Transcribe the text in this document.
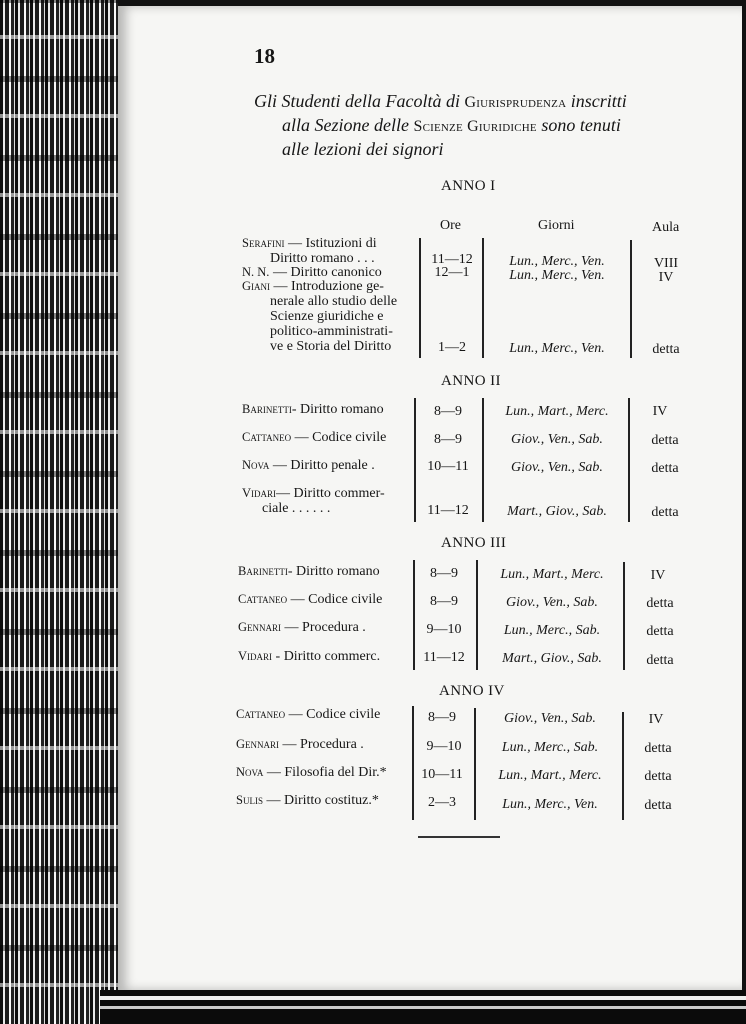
18
Gli Studenti della Facoltà di Giurisprudenza inscritti
alla Sezione delle Scienze Giuridiche sono tenuti
alle lezioni dei signori
ANNO I
Ore	Giorni	Aula
Serafini — Istituzioni di
Diritto romano . . .	11—12	Lun., Merc., Ven.	VIII
N. N. — Diritto canonico	12—1	Lun., Merc., Ven.	IV
Giani — Introduzione ge-
nerale allo studio delle
Scienze giuridiche e
politico-amministrati-
ve e Storia del Diritto	1—2	Lun., Merc., Ven.	detta
ANNO II
Barinetti- Diritto romano	8—9	Lun., Mart., Merc.	IV
Cattaneo — Codice civile	8—9	Giov., Ven., Sab.	detta
Nova — Diritto penale .	10—11	Giov., Ven., Sab.	detta
Vidari— Diritto commer-
ciale . . . . . .	11—12	Mart., Giov., Sab.	detta
ANNO III
Barinetti- Diritto romano	8—9	Lun., Mart., Merc.	IV
Cattaneo — Codice civile	8—9	Giov., Ven., Sab.	detta
Gennari — Procedura .	9—10	Lun., Merc., Sab.	detta
Vidari - Diritto commerc.	11—12	Mart., Giov., Sab.	detta
ANNO IV
Cattaneo — Codice civile	8—9	Giov., Ven., Sab.	IV
Gennari — Procedura .	9—10	Lun., Merc., Sab.	detta
Nova — Filosofia del Dir.*	10—11	Lun., Mart., Merc.	detta
Sulis — Diritto costituz.*	2—3	Lun., Merc., Ven.	detta
